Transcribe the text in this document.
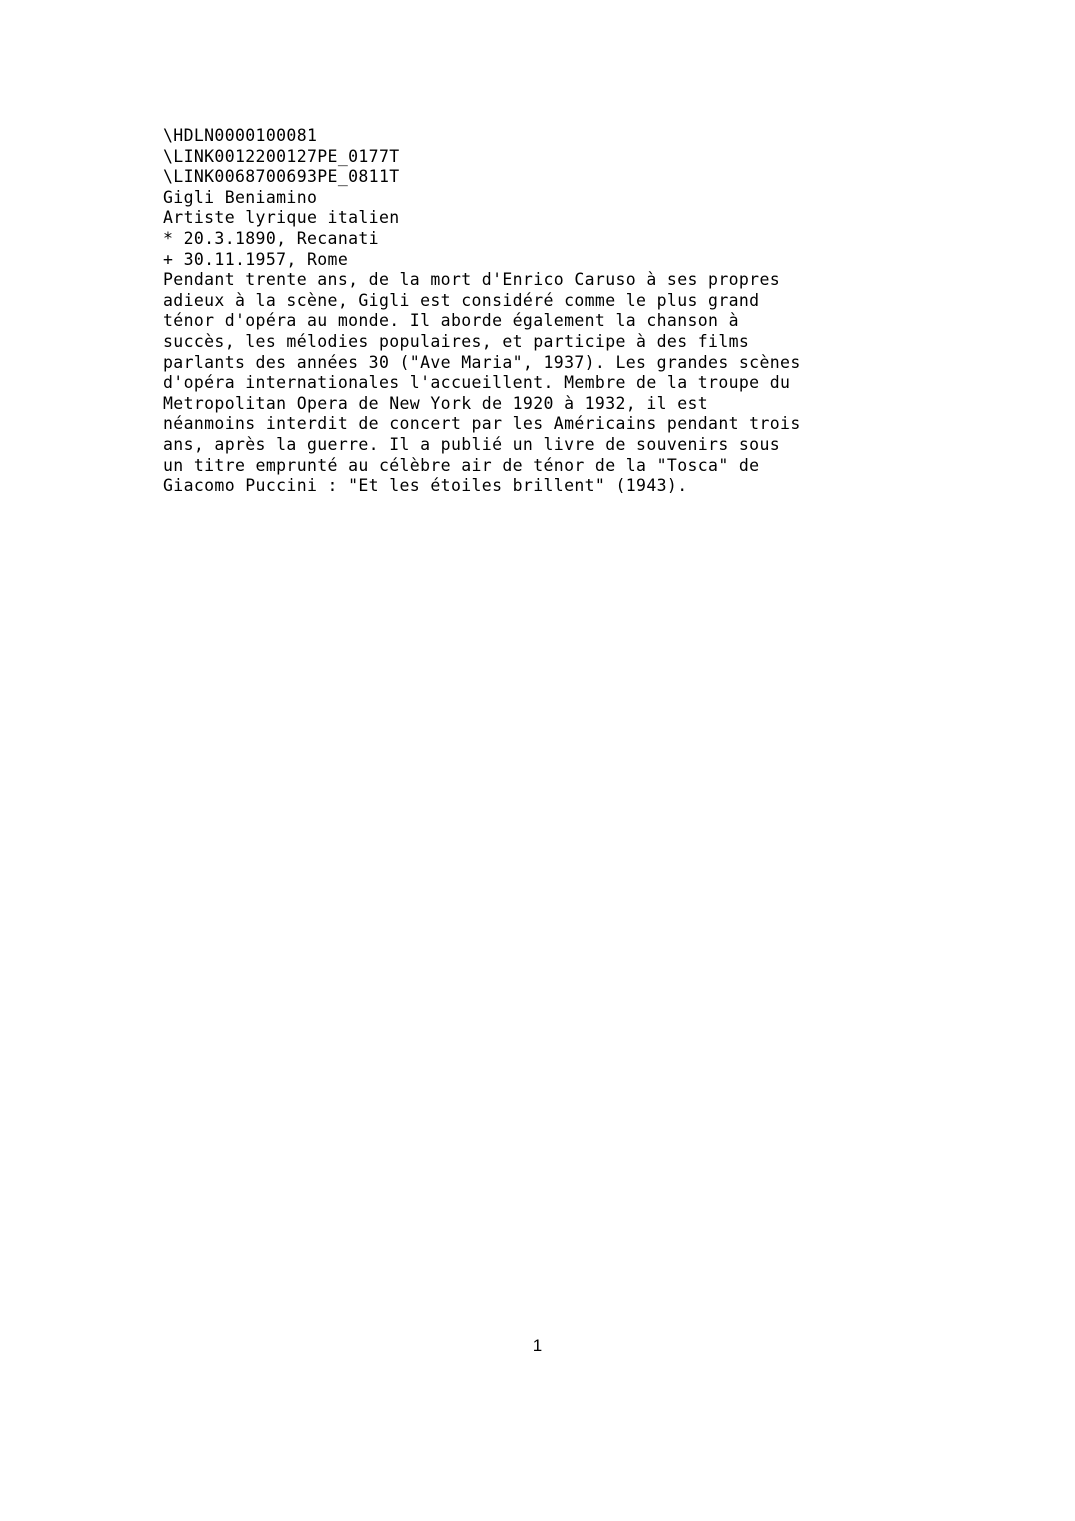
\HDLN0000100081
\LINK0012200127PE_0177T
\LINK0068700693PE_0811T
Gigli Beniamino
Artiste lyrique italien
* 20.3.1890, Recanati
+ 30.11.1957, Rome
Pendant trente ans, de la mort d'Enrico Caruso à ses propres
adieux à la scène, Gigli est considéré comme le plus grand
ténor d'opéra au monde. Il aborde également la chanson à
succès, les mélodies populaires, et participe à des films
parlants des années 30 ("Ave Maria", 1937). Les grandes scènes
d'opéra internationales l'accueillent. Membre de la troupe du
Metropolitan Opera de New York de 1920 à 1932, il est
néanmoins interdit de concert par les Américains pendant trois
ans, après la guerre. Il a publié un livre de souvenirs sous
un titre emprunté au célèbre air de ténor de la "Tosca" de
Giacomo Puccini : "Et les étoiles brillent" (1943).
1
